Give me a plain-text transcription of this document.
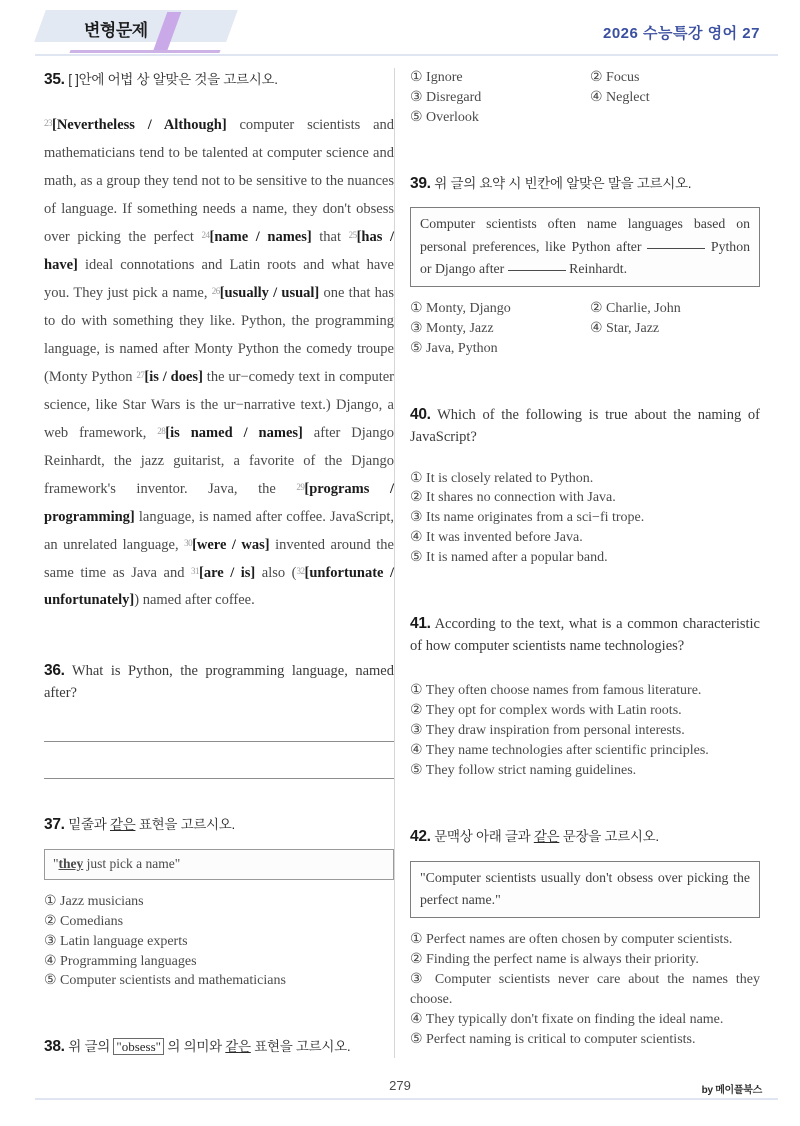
변형문제	2026 수능특강 영어 27
35. [ ]안에 어법 상 알맞은 것을 고르시오.
$^{23}$[Nevertheless / Although] computer scientists and mathematicians tend to be talented at computer science and math, as a group they tend not to be sensitive to the nuances of language. If something needs a name, they don't obsess over picking the perfect $^{24}$[name / names] that $^{25}$[has / have] ideal connotations and Latin roots and what have you. They just pick a name, $^{26}$[usually / usual] one that has to do with something they like. Python, the programming language, is named after Monty Python the comedy troupe (Monty Python $^{27}$[is / does] the ur−comedy text in computer science, like Star Wars is the ur−narrative text.) Django, a web framework, $^{28}$[is named / names] after Django Reinhardt, the jazz guitarist, a favorite of the Django framework's inventor. Java, the $^{29}$[programs / programming] language, is named after coffee. JavaScript, an unrelated language, $^{30}$[were / was] invented around the same time as Java and $^{31}$[are / is] also ($^{32}$[unfortunate / unfortunately]) named after coffee.
36. What is Python, the programming language, named after?
37. 밑줄과 같은 표현을 고르시오.
"they just pick a name"
① Jazz musicians
② Comedians
③ Latin language experts
④ Programming languages
⑤ Computer scientists and mathematicians
38. 위 글의 "obsess" 의 의미와 같은 표현을 고르시오.
① Ignore	② Focus
③ Disregard	④ Neglect
⑤ Overlook
39. 위 글의 요약 시 빈칸에 알맞은 말을 고르시오.
Computer scientists often name languages based on personal preferences, like Python after	Python or Django after	Reinhardt.
① Monty, Django	② Charlie, John
③ Monty, Jazz	④ Star, Jazz
⑤ Java, Python
40. Which of the following is true about the naming of JavaScript?
① It is closely related to Python.
② It shares no connection with Java.
③ Its name originates from a sci−fi trope.
④ It was invented before Java.
⑤ It is named after a popular band.
41. According to the text, what is a common characteristic of how computer scientists name technologies?
① They often choose names from famous literature.
② They opt for complex words with Latin roots.
③ They draw inspiration from personal interests.
④ They name technologies after scientific principles.
⑤ They follow strict naming guidelines.
42. 문맥상 아래 글과 같은 문장을 고르시오.
"Computer scientists usually don't obsess over picking the perfect name."
① Perfect names are often chosen by computer scientists.
② Finding the perfect name is always their priority.
③ Computer scientists never care about the names they choose.
④ They typically don't fixate on finding the ideal name.
⑤ Perfect naming is critical to computer scientists.
279	by 메이플북스
